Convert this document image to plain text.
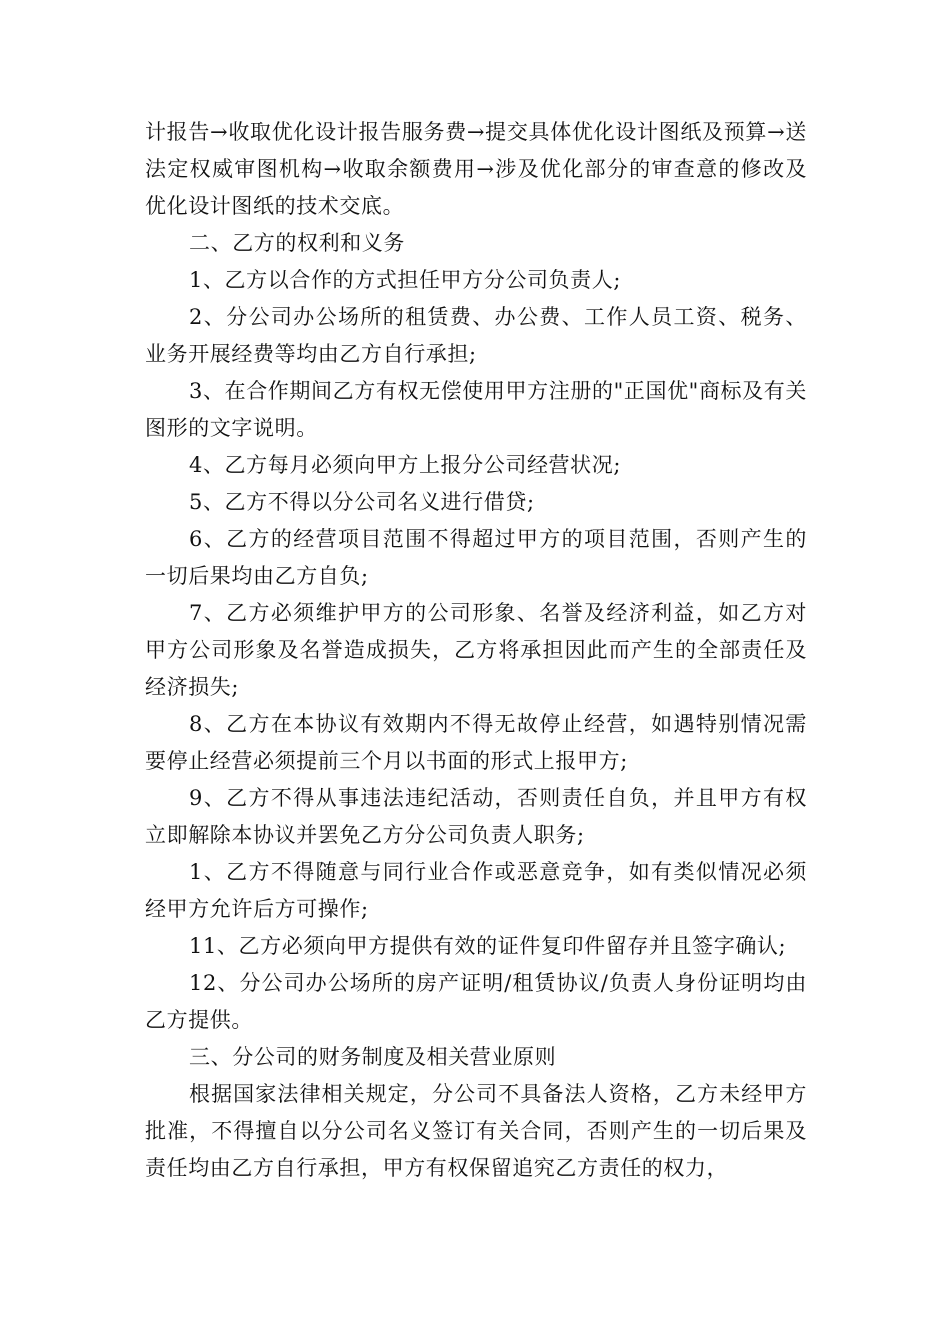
计报告→收取优化设计报告服务费→提交具体优化设计图纸及预算→送法定权威审图机构→收取余额费用→涉及优化部分的审查意的修改及优化设计图纸的技术交底。

二、乙方的权利和义务

1、乙方以合作的方式担任甲方分公司负责人;

2、分公司办公场所的租赁费、办公费、工作人员工资、税务、业务开展经费等均由乙方自行承担;

3、在合作期间乙方有权无偿使用甲方注册的"正国优"商标及有关图形的文字说明。

4、乙方每月必须向甲方上报分公司经营状况;

5、乙方不得以分公司名义进行借贷;

6、乙方的经营项目范围不得超过甲方的项目范围，否则产生的一切后果均由乙方自负;

7、乙方必须维护甲方的公司形象、名誉及经济利益，如乙方对甲方公司形象及名誉造成损失，乙方将承担因此而产生的全部责任及经济损失;

8、乙方在本协议有效期内不得无故停止经营，如遇特别情况需要停止经营必须提前三个月以书面的形式上报甲方;

9、乙方不得从事违法违纪活动，否则责任自负，并且甲方有权立即解除本协议并罢免乙方分公司负责人职务;

1、乙方不得随意与同行业合作或恶意竞争，如有类似情况必须经甲方允许后方可操作;

11、乙方必须向甲方提供有效的证件复印件留存并且签字确认;

12、分公司办公场所的房产证明/租赁协议/负责人身份证明均由乙方提供。

三、分公司的财务制度及相关营业原则

根据国家法律相关规定，分公司不具备法人资格，乙方未经甲方批准，不得擅自以分公司名义签订有关合同，否则产生的一切后果及责任均由乙方自行承担，甲方有权保留追究乙方责任的权力，
